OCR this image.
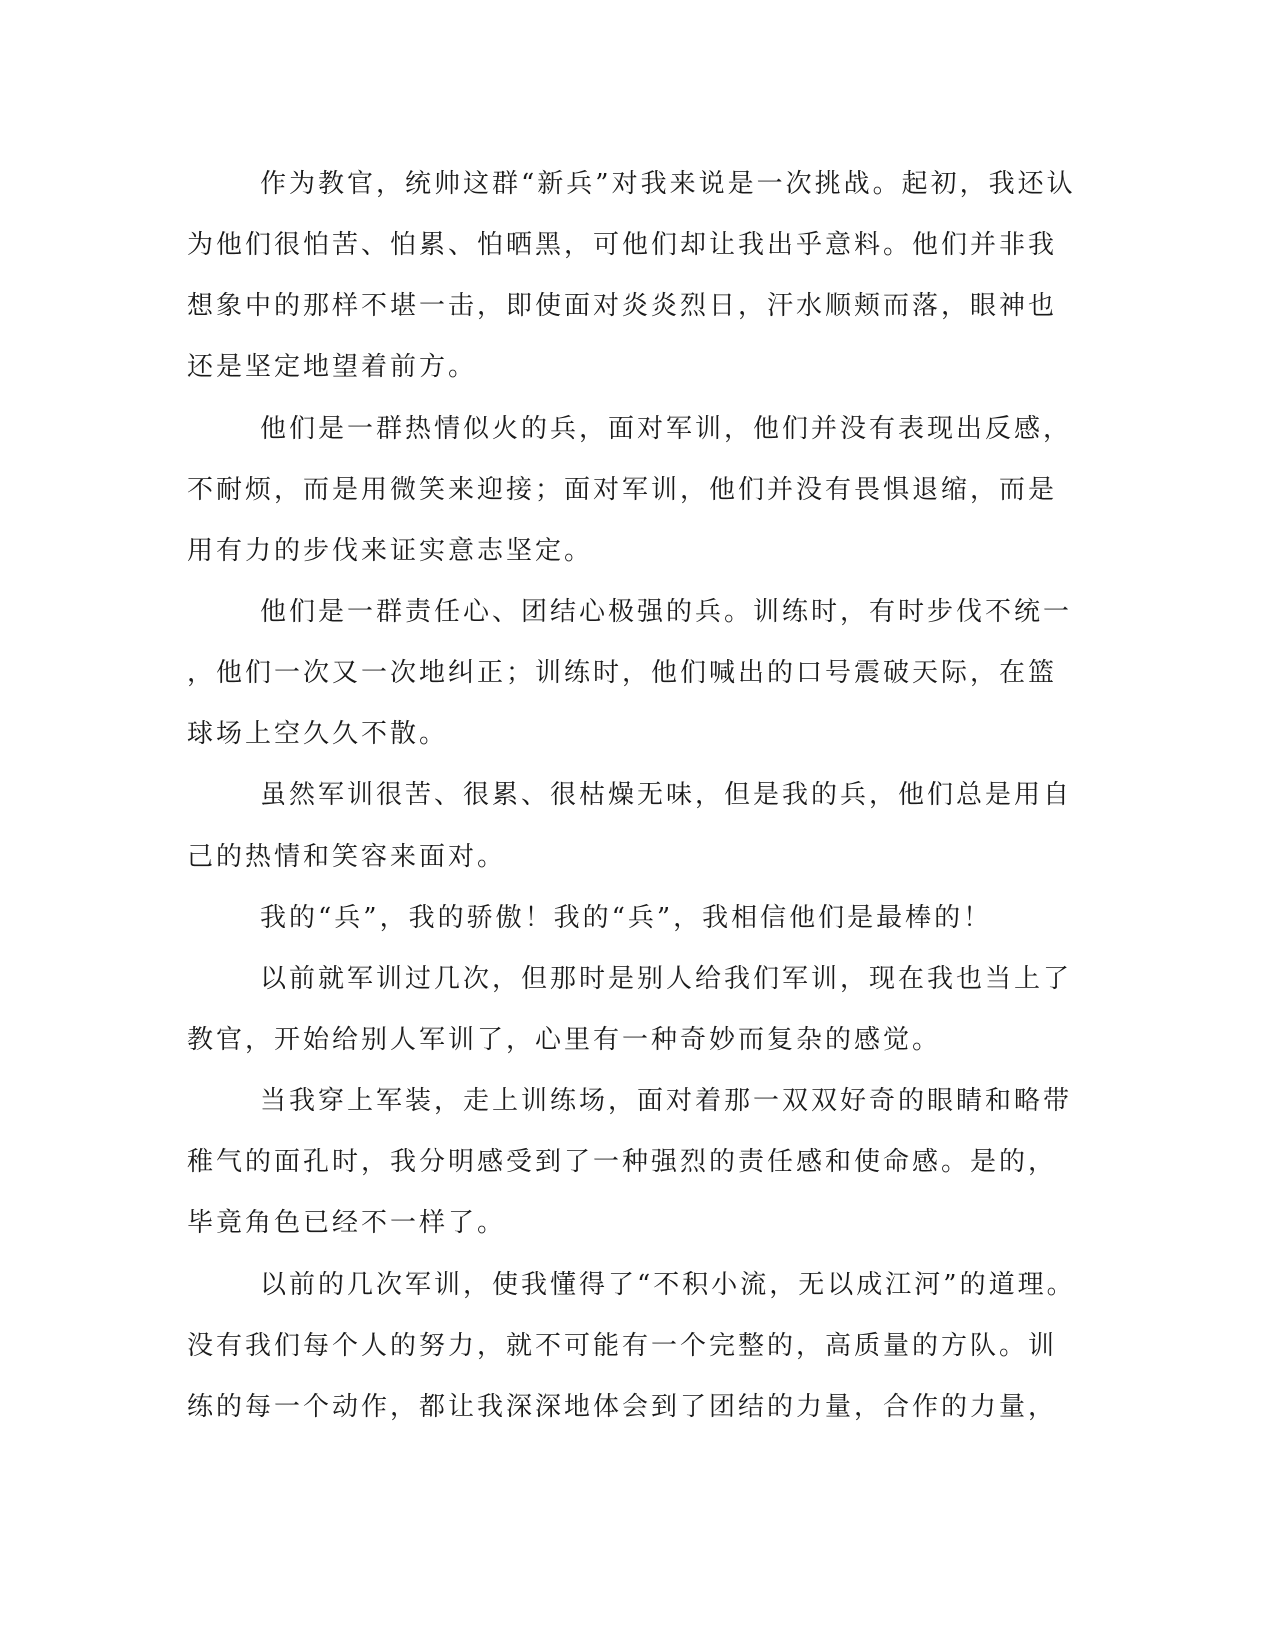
作为教官，统帅这群“新兵”对我来说是一次挑战。起初，我还认
为他们很怕苦、怕累、怕晒黑，可他们却让我出乎意料。他们并非我
想象中的那样不堪一击，即使面对炎炎烈日，汗水顺颊而落，眼神也
还是坚定地望着前方。
他们是一群热情似火的兵，面对军训，他们并没有表现出反感，
不耐烦，而是用微笑来迎接；面对军训，他们并没有畏惧退缩，而是
用有力的步伐来证实意志坚定。
他们是一群责任心、团结心极强的兵。训练时，有时步伐不统一
，他们一次又一次地纠正；训练时，他们喊出的口号震破天际，在篮
球场上空久久不散。
虽然军训很苦、很累、很枯燥无味，但是我的兵，他们总是用自
己的热情和笑容来面对。
我的“兵”，我的骄傲！我的“兵”，我相信他们是最棒的！
以前就军训过几次，但那时是别人给我们军训，现在我也当上了
教官，开始给别人军训了，心里有一种奇妙而复杂的感觉。
当我穿上军装，走上训练场，面对着那一双双好奇的眼睛和略带
稚气的面孔时，我分明感受到了一种强烈的责任感和使命感。是的，
毕竟角色已经不一样了。
以前的几次军训，使我懂得了“不积小流，无以成江河”的道理。
没有我们每个人的努力，就不可能有一个完整的，高质量的方队。训
练的每一个动作，都让我深深地体会到了团结的力量，合作的力量，
